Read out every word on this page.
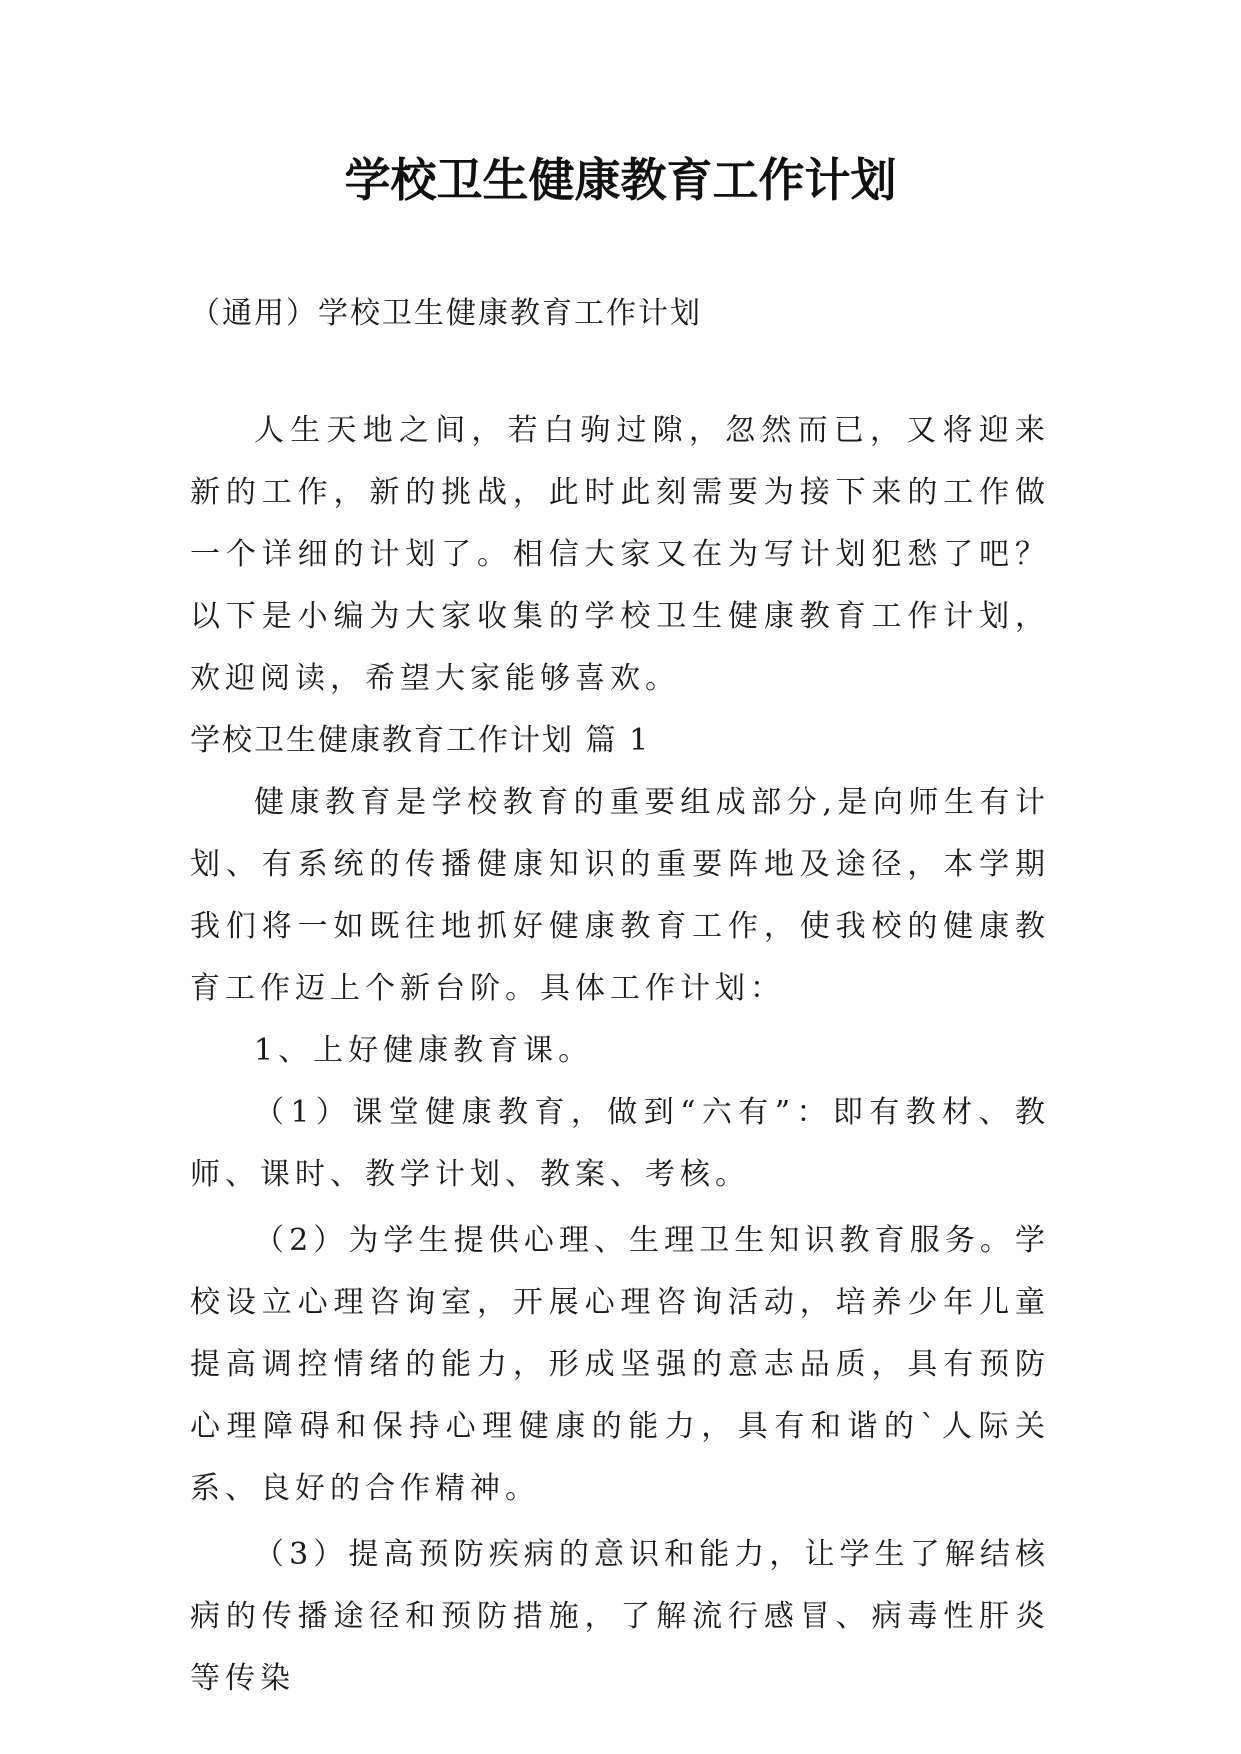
学校卫生健康教育工作计划

（通用）学校卫生健康教育工作计划

人生天地之间，若白驹过隙，忽然而已，又将迎来新的工作，新的挑战，此时此刻需要为接下来的工作做一个详细的计划了。相信大家又在为写计划犯愁了吧？以下是小编为大家收集的学校卫生健康教育工作计划，欢迎阅读，希望大家能够喜欢。

学校卫生健康教育工作计划 篇 1

健康教育是学校教育的重要组成部分,是向师生有计划、有系统的传播健康知识的重要阵地及途径，本学期我们将一如既往地抓好健康教育工作，使我校的健康教育工作迈上个新台阶。具体工作计划：

1、上好健康教育课。

（1）课堂健康教育，做到“六有”：即有教材、教师、课时、教学计划、教案、考核。

（2）为学生提供心理、生理卫生知识教育服务。学校设立心理咨询室，开展心理咨询活动，培养少年儿童提高调控情绪的能力，形成坚强的意志品质，具有预防心理障碍和保持心理健康的能力，具有和谐的`人际关系、良好的合作精神。

（3）提高预防疾病的意识和能力，让学生了解结核病的传播途径和预防措施，了解流行感冒、病毒性肝炎等传染
